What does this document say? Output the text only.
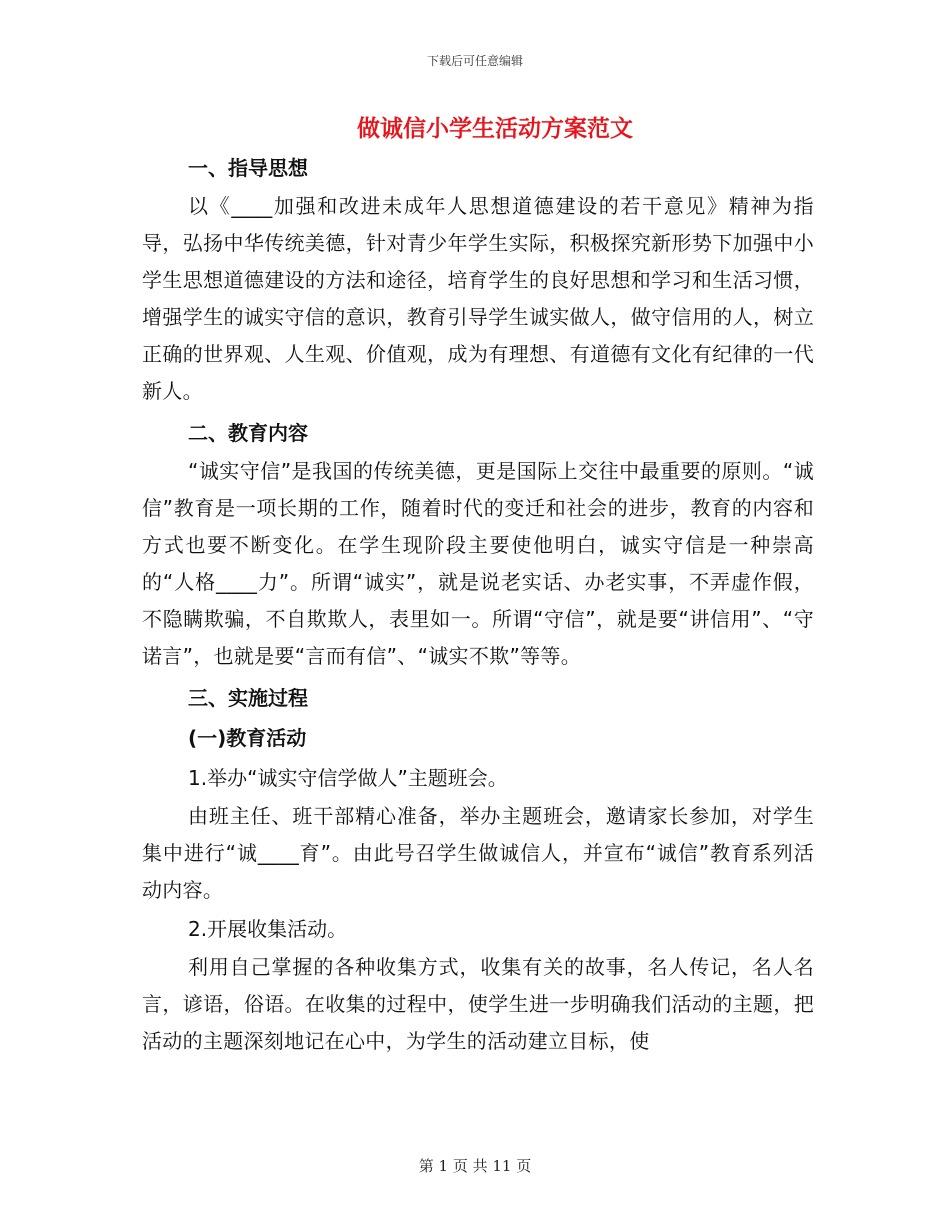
下载后可任意编辑
做诚信小学生活动方案范文
一、指导思想
以《____加强和改进未成年人思想道德建设的若干意见》精神为指导，弘扬中华传统美德，针对青少年学生实际，积极探究新形势下加强中小学生思想道德建设的方法和途径，培育学生的良好思想和学习和生活习惯，增强学生的诚实守信的意识，教育引导学生诚实做人，做守信用的人，树立正确的世界观、人生观、价值观，成为有理想、有道德有文化有纪律的一代新人。
二、教育内容
“诚实守信”是我国的传统美德，更是国际上交往中最重要的原则。“诚信”教育是一项长期的工作，随着时代的变迁和社会的进步，教育的内容和方式也要不断变化。在学生现阶段主要使他明白，诚实守信是一种崇高的“人格____力”。所谓“诚实”，就是说老实话、办老实事，不弄虚作假，不隐瞒欺骗，不自欺欺人，表里如一。所谓“守信”，就是要“讲信用”、“守诺言”，也就是要“言而有信”、“诚实不欺”等等。
三、实施过程
(一)教育活动
1.举办“诚实守信学做人”主题班会。
由班主任、班干部精心准备，举办主题班会，邀请家长参加，对学生集中进行“诚____育”。由此号召学生做诚信人，并宣布“诚信”教育系列活动内容。
2.开展收集活动。
利用自己掌握的各种收集方式，收集有关的故事，名人传记，名人名言，谚语，俗语。在收集的过程中，使学生进一步明确我们活动的主题，把活动的主题深刻地记在心中，为学生的活动建立目标，使
第 1 页 共 11 页
